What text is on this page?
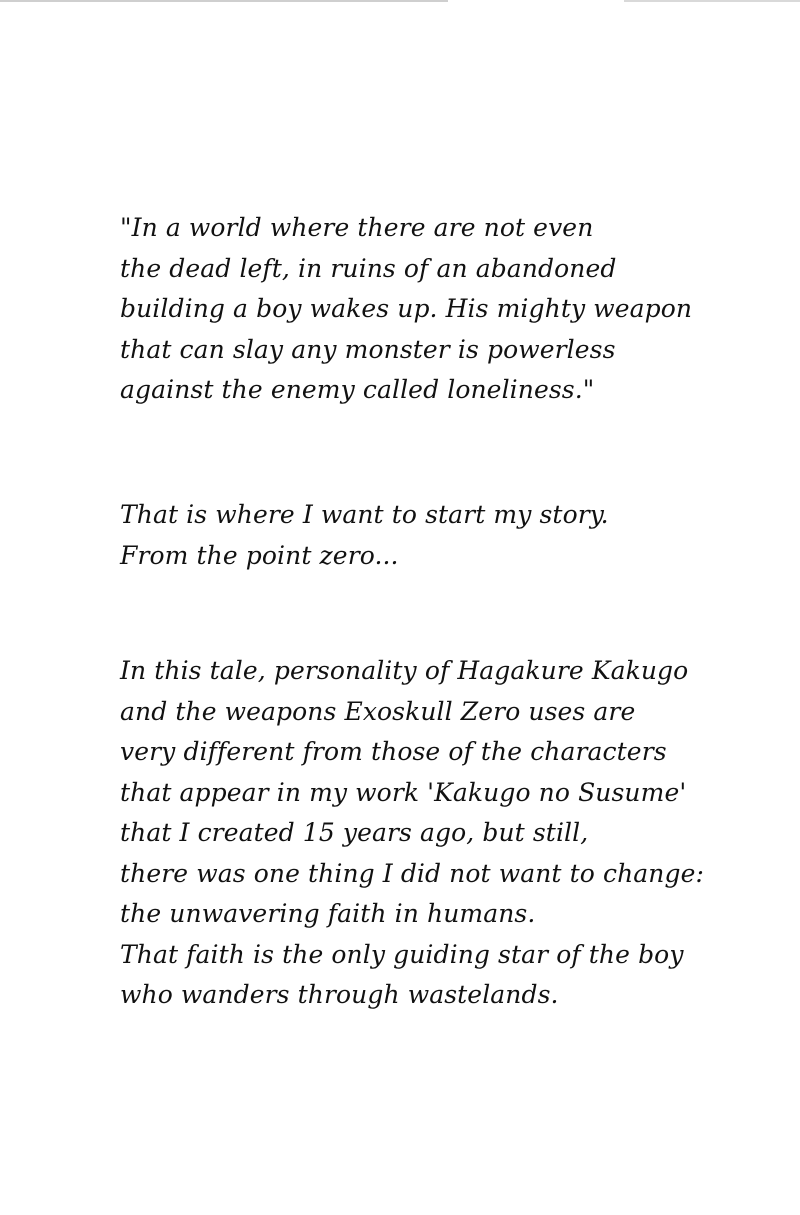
"In a world where there are not even
the dead left, in ruins of an abandoned
building a boy wakes up. His mighty weapon
that can slay any monster is powerless
against the enemy called loneliness."
That is where I want to start my story.
From the point zero...
In this tale, personality of Hagakure Kakugo
and the weapons Exoskull Zero uses are
very different from those of the characters
that appear in my work 'Kakugo no Susume'
that I created 15 years ago, but still,
there was one thing I did not want to change:
the unwavering faith in humans.
That faith is the only guiding star of the boy
who wanders through wastelands.
